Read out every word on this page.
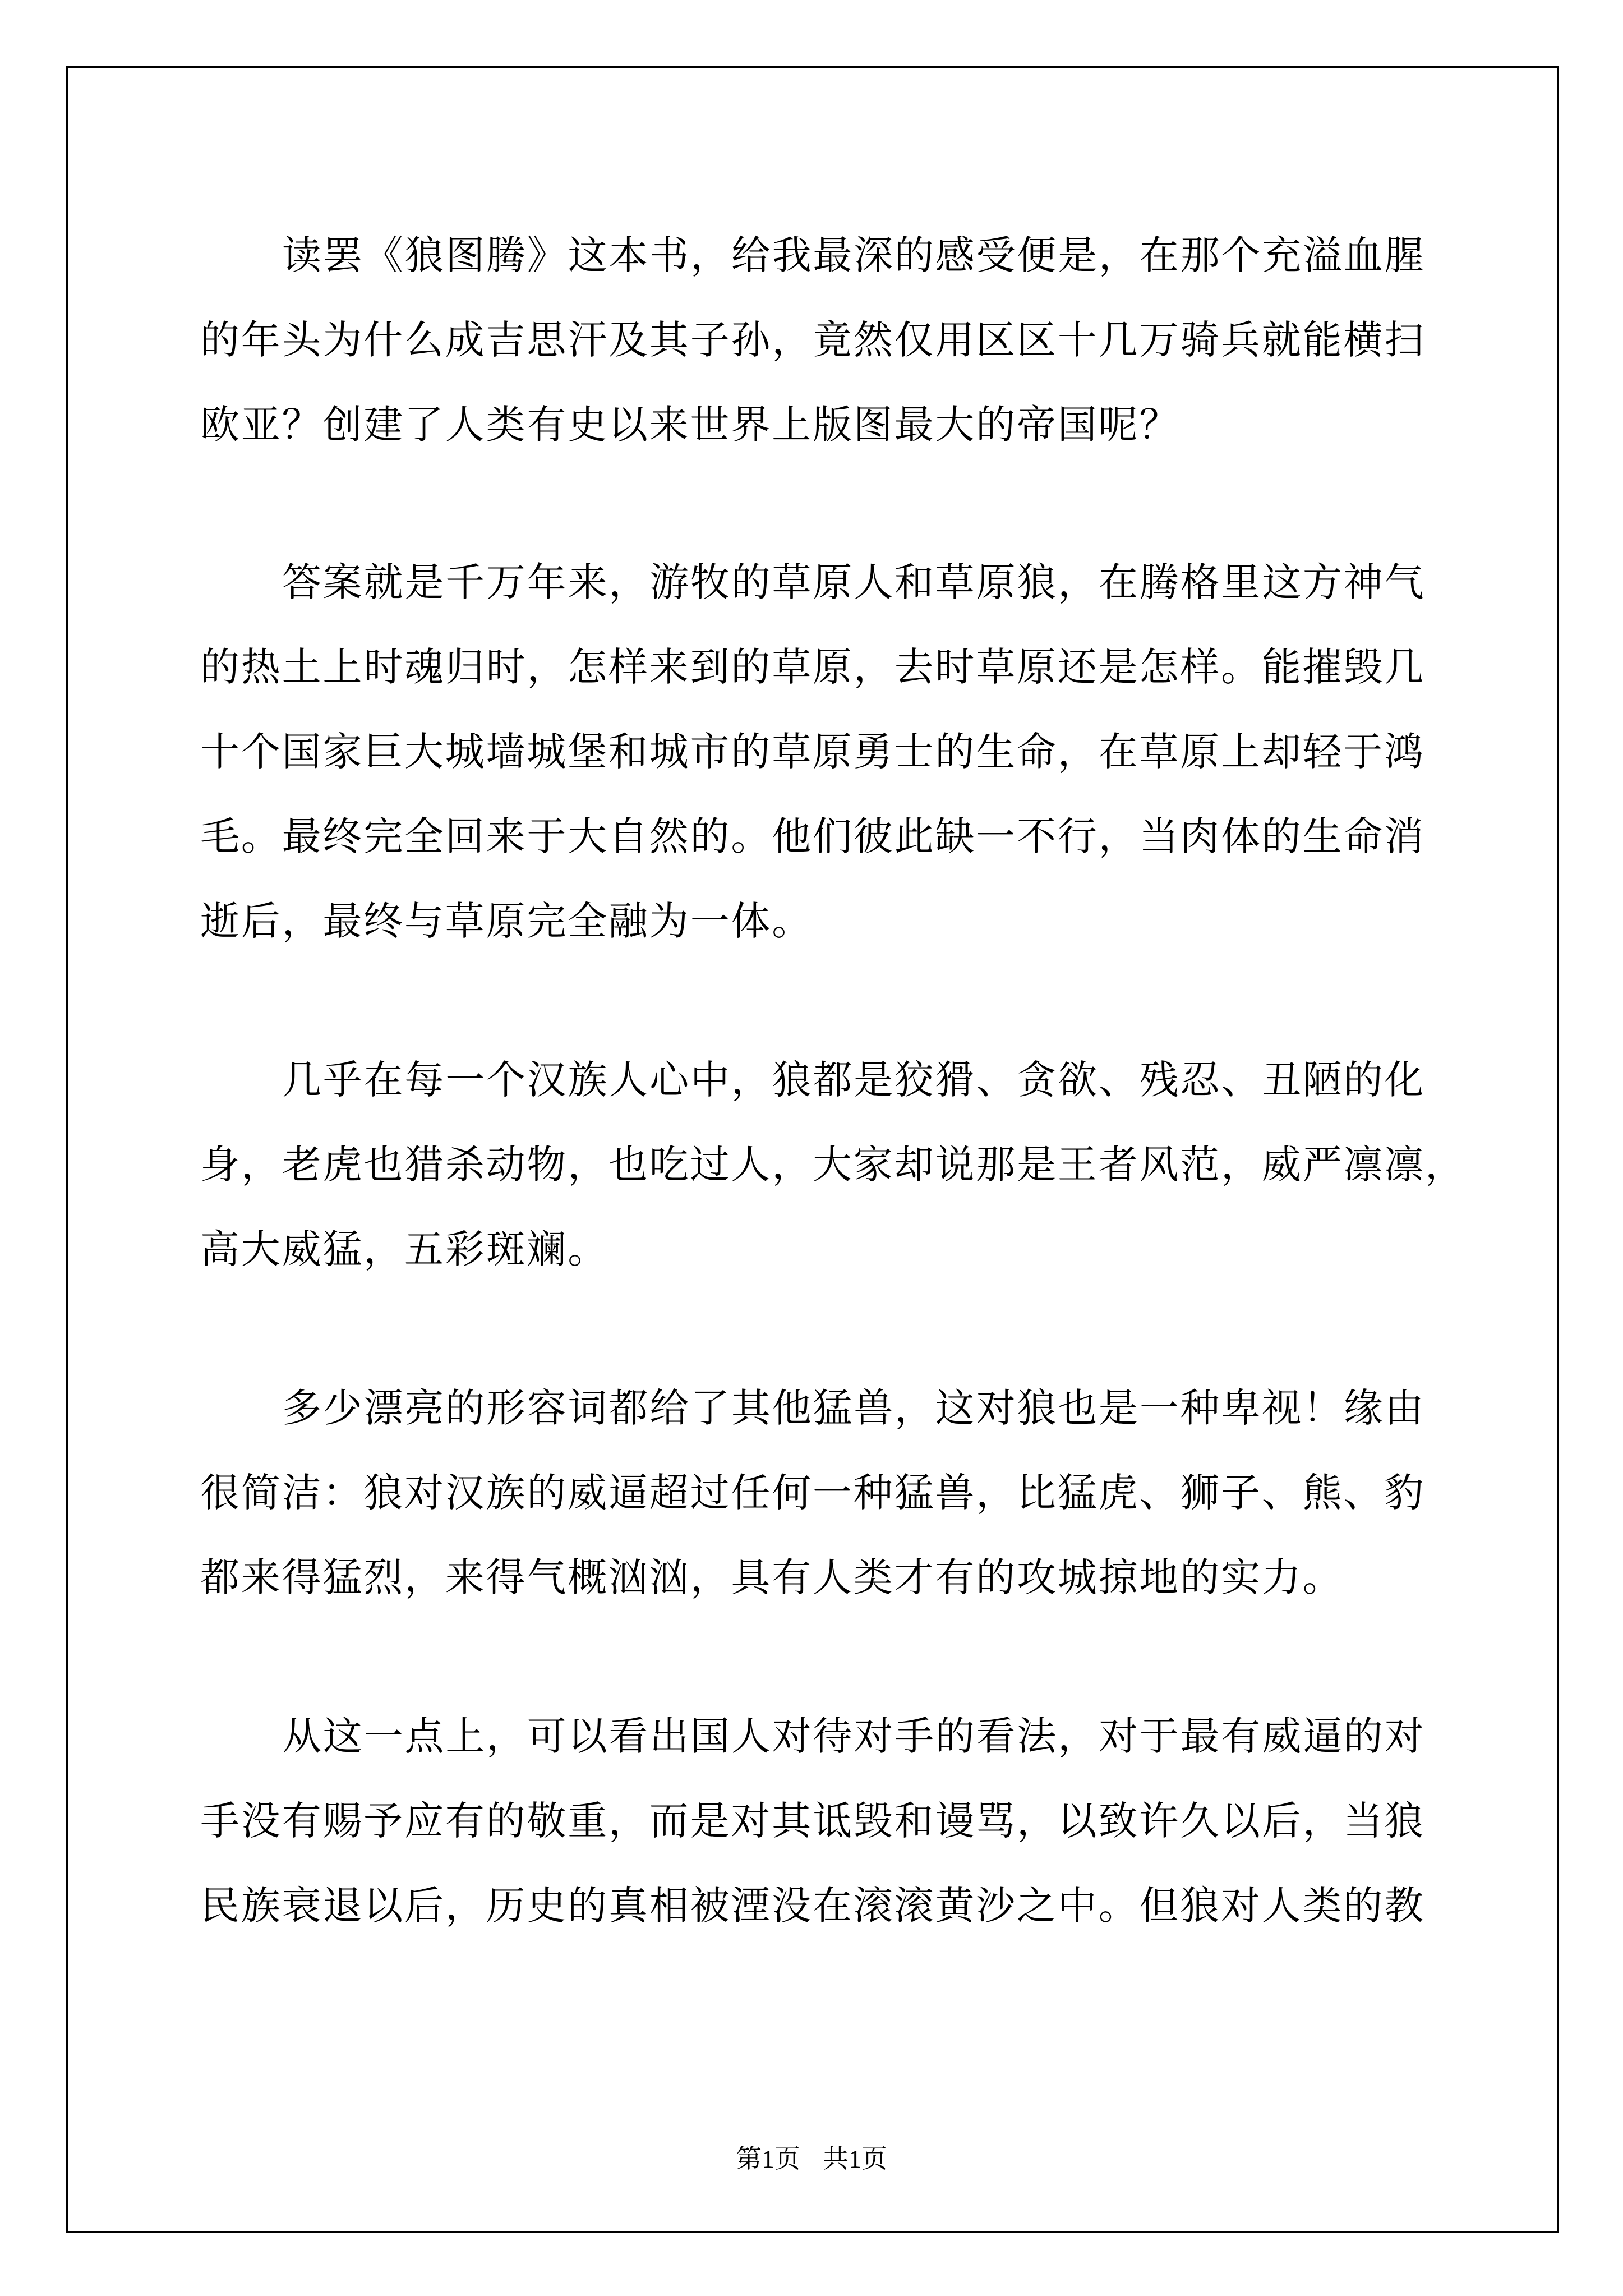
读罢《狼图腾》这本书，给我最深的感受便是，在那个充溢血腥
的年头为什么成吉思汗及其子孙，竟然仅用区区十几万骑兵就能横扫
欧亚？创建了人类有史以来世界上版图最大的帝国呢？
答案就是千万年来，游牧的草原人和草原狼，在腾格里这方神气
的热土上时魂归时，怎样来到的草原，去时草原还是怎样。能摧毁几
十个国家巨大城墙城堡和城市的草原勇士的生命，在草原上却轻于鸿
毛。最终完全回来于大自然的。他们彼此缺一不行，当肉体的生命消
逝后，最终与草原完全融为一体。
几乎在每一个汉族人心中，狼都是狡猾、贪欲、残忍、丑陋的化
身，老虎也猎杀动物，也吃过人，大家却说那是王者风范，威严凛凛，
高大威猛，五彩斑斓。
多少漂亮的形容词都给了其他猛兽，这对狼也是一种卑视！缘由
很简洁：狼对汉族的威逼超过任何一种猛兽，比猛虎、狮子、熊、豹
都来得猛烈，来得气概汹汹，具有人类才有的攻城掠地的实力。
从这一点上，可以看出国人对待对手的看法，对于最有威逼的对
手没有赐予应有的敬重，而是对其诋毁和谩骂，以致许久以后，当狼
民族衰退以后，历史的真相被湮没在滚滚黄沙之中。但狼对人类的教
第1页 共1页
